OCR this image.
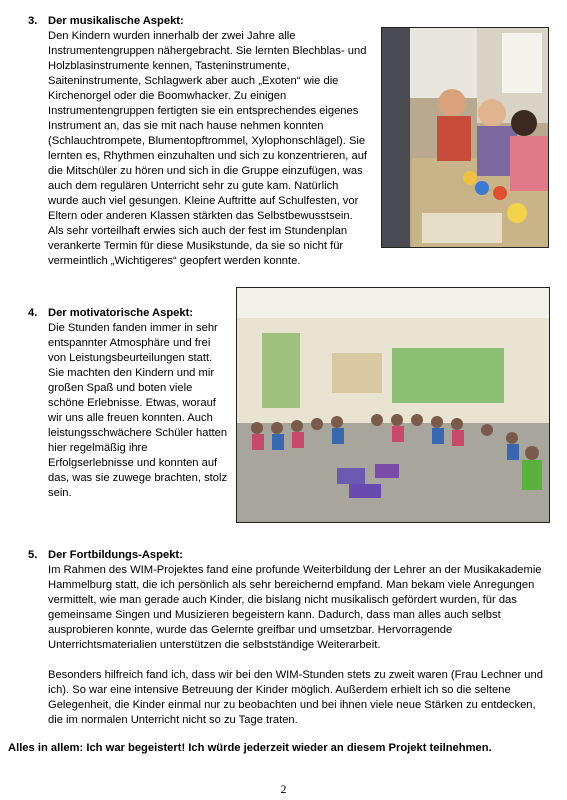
3. Der musikalische Aspekt:

Den Kindern wurden innerhalb der zwei Jahre alle Instrumentengruppen nähergebracht. Sie lernten Blechblas- und Holzblasinstrumente kennen, Tasteninstrumente, Saiteninstrumente, Schlagwerk aber auch „Exoten“ wie die Kirchenorgel oder die Boomwhacker. Zu einigen Instrumentengruppen fertigten sie ein entsprechendes eigenes Instrument an, das sie mit nach hause nehmen konnten (Schlauchtrompete, Blumentopftrommel, Xylophonschlägel). Sie lernten es, Rhythmen einzuhalten und sich zu konzentrieren, auf die Mitschüler zu hören und sich in die Gruppe einzufügen, was auch dem regulären Unterricht sehr zu gute kam. Natürlich wurde auch viel gesungen. Kleine Auftritte auf Schulfesten, vor Eltern oder anderen Klassen stärkten das Selbstbewusstsein. Als sehr vorteilhaft erwies sich auch der fest im Stundenplan verankerte Termin für diese Musikstunde, da sie so nicht für vermeintlich „Wichtigeres“ geopfert werden konnte.

4. Der motivatorische Aspekt:

Die Stunden fanden immer in sehr entspannter Atmosphäre und frei von Leistungsbeurteilungen statt. Sie machten den Kindern und mir großen Spaß und boten viele schöne Erlebnisse. Etwas, worauf wir uns alle freuen konnten. Auch leistungsschwächere Schüler hatten hier regelmäßig ihre Erfolgserlebnisse und konnten auf das, was sie zuwege brachten, stolz sein.

5. Der Fortbildungs-Aspekt:

Im Rahmen des WIM-Projektes fand eine profunde Weiterbildung der Lehrer an der Musikakademie Hammelburg statt, die ich persönlich als sehr bereichernd empfand. Man bekam viele Anregungen vermittelt, wie man gerade auch Kinder, die bislang nicht musikalisch gefördert wurden, für das gemeinsame Singen und Musizieren begeistern kann. Dadurch, dass man alles auch selbst ausprobieren konnte, wurde das Gelernte greifbar und umsetzbar. Hervorragende Unterrichtsmaterialien unterstützen die selbstständige Weiterarbeit.

Besonders hilfreich fand ich, dass wir bei den WIM-Stunden stets zu zweit waren (Frau Lechner und ich). So war eine intensive Betreuung der Kinder möglich. Außerdem erhielt ich so die seltene Gelegenheit, die Kinder einmal nur zu beobachten und bei ihnen viele neue Stärken zu entdecken, die im normalen Unterricht nicht so zu Tage traten.

Alles in allem: Ich war begeistert! Ich würde jederzeit wieder an diesem Projekt teilnehmen.
2
